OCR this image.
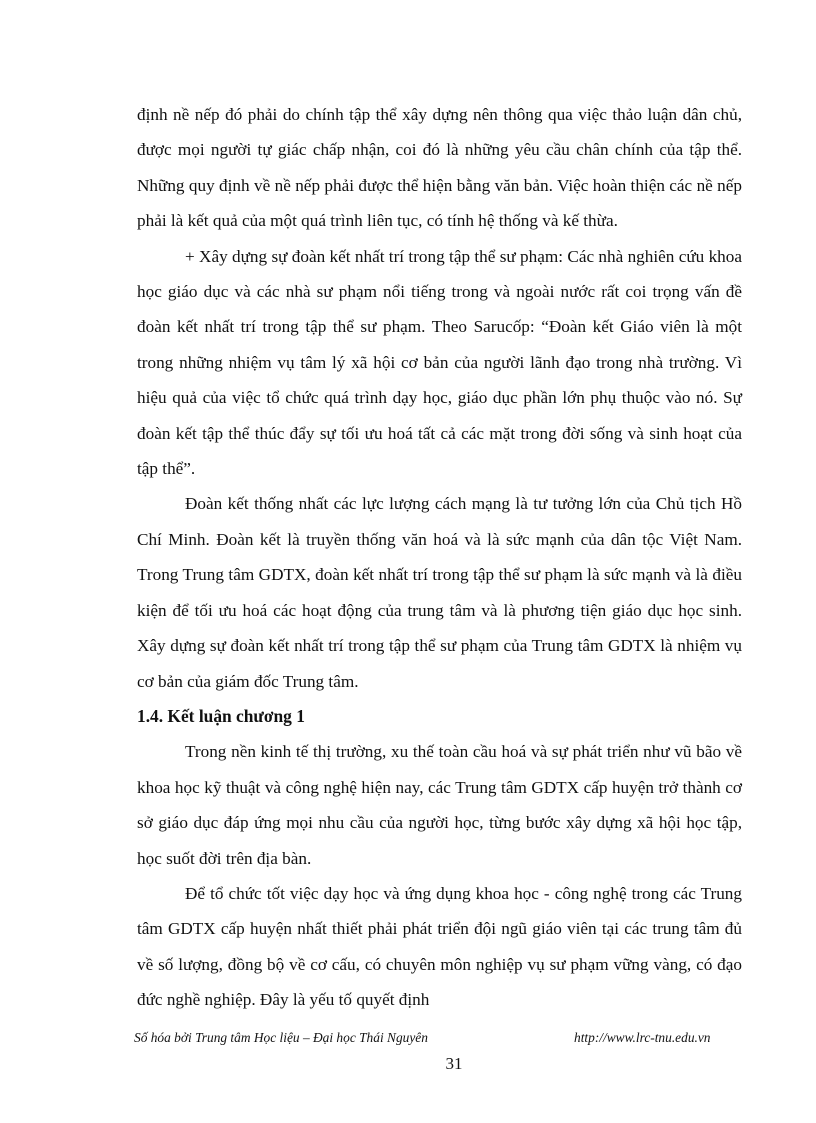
định nề nếp đó phải do chính tập thể xây dựng nên thông qua việc thảo luận dân chủ, được mọi người tự giác chấp nhận, coi đó là những yêu cầu chân chính của tập thể. Những quy định về nề nếp phải được thể hiện bằng văn bản. Việc hoàn thiện các nề nếp phải là kết quả của một quá trình liên tục, có tính hệ thống và kế thừa.

+ Xây dựng sự đoàn kết nhất trí trong tập thể sư phạm: Các nhà nghiên cứu khoa học giáo dục và các nhà sư phạm nổi tiếng trong và ngoài nước rất coi trọng vấn đề đoàn kết nhất trí trong tập thể sư phạm. Theo Sarucốp: “Đoàn kết Giáo viên là một trong những nhiệm vụ tâm lý xã hội cơ bản của người lãnh đạo trong nhà trường. Vì hiệu quả của việc tổ chức quá trình dạy học, giáo dục phần lớn phụ thuộc vào nó. Sự đoàn kết tập thể thúc đẩy sự tối ưu hoá tất cả các mặt trong đời sống và sinh hoạt của tập thể”.

Đoàn kết thống nhất các lực lượng cách mạng là tư tưởng lớn của Chủ tịch Hồ Chí Minh. Đoàn kết là truyền thống văn hoá và là sức mạnh của dân tộc Việt Nam. Trong Trung tâm GDTX, đoàn kết nhất trí trong tập thể sư phạm là sức mạnh và là điều kiện để tối ưu hoá các hoạt động của trung tâm và là phương tiện giáo dục học sinh. Xây dựng sự đoàn kết nhất trí trong tập thể sư phạm của Trung tâm GDTX là nhiệm vụ cơ bản của giám đốc Trung tâm.

1.4. Kết luận chương 1

Trong nền kinh tế thị trường, xu thế toàn cầu hoá và sự phát triển như vũ bão về khoa học kỹ thuật và công nghệ hiện nay, các Trung tâm GDTX cấp huyện trở thành cơ sở giáo dục đáp ứng mọi nhu cầu của người học, từng bước xây dựng xã hội học tập, học suốt đời trên địa bàn.

Để tổ chức tốt việc dạy học và ứng dụng khoa học - công nghệ trong các Trung tâm GDTX cấp huyện nhất thiết phải phát triển đội ngũ giáo viên tại các trung tâm đủ về số lượng, đồng bộ về cơ cấu, có chuyên môn nghiệp vụ sư phạm vững vàng, có đạo đức nghề nghiệp. Đây là yếu tố quyết định

Số hóa bởi Trung tâm Học liệu – Đại học Thái Nguyên	http://www.lrc-tnu.edu.vn
31
